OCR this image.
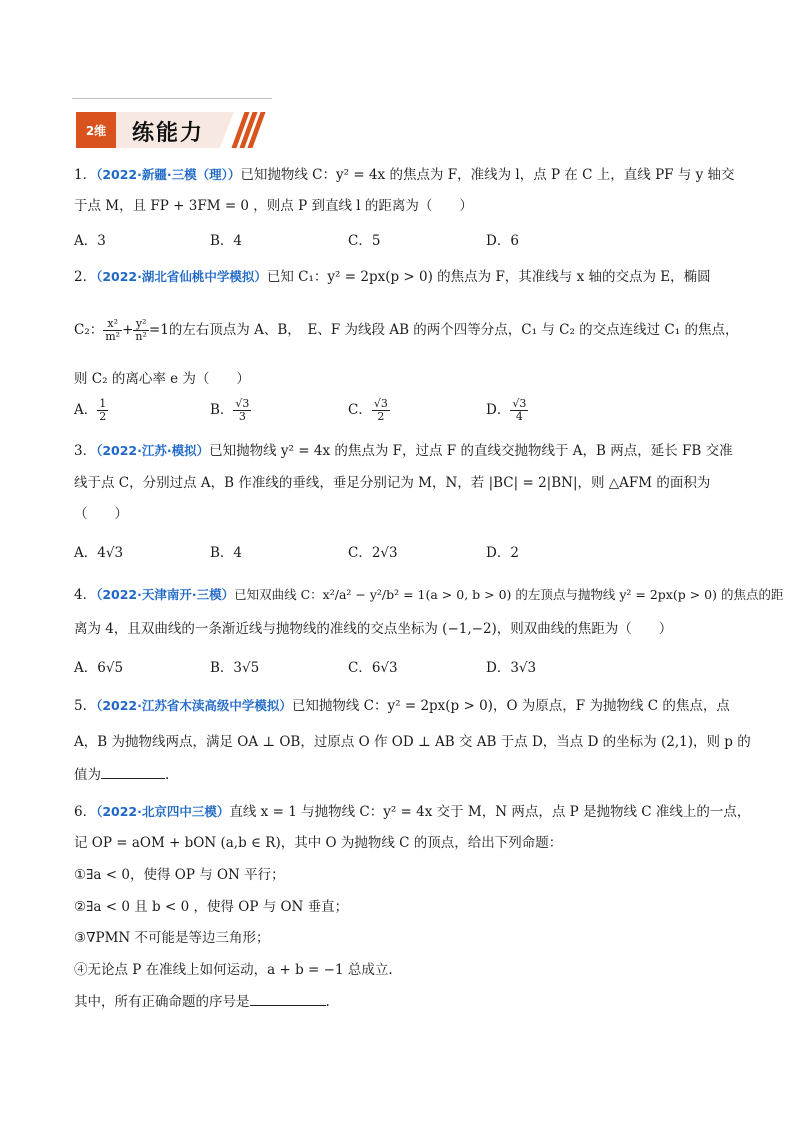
2维	练能力
1．（2022·新疆·三模（理））已知抛物线 C：y² = 4x 的焦点为 F，准线为 l，点 P 在 C 上，直线 PF 与 y 轴交
于点 M，且 FP + 3FM = 0 ，则点 P 到直线 l 的距离为（　　）
A．3	B．4	C．5	D．6
2．（2022·湖北省仙桃中学模拟）已知 C₁：y² = 2px(p > 0) 的焦点为 F，其准线与 x 轴的交点为 E，椭圆
C₂： $\frac{\text{x²}}{\text{m²}} + \frac{\text{y²}}{\text{n²}} =1$的左右顶点为 A、B，　E、F 为线段 AB 的两个四等分点，C₁ 与 C₂ 的交点连线过 C₁ 的焦点，
则 C₂ 的离心率 e 为（　　）
A． $\frac{1}{2}$	B． $\frac{√3}{3}$	C． $\frac{√3}{2}$	D． $\frac{√3}{4}$
3．（2022·江苏·模拟）已知抛物线 y² = 4x 的焦点为 F，过点 F 的直线交抛物线于 A，B 两点，延长 FB 交准
线于点 C，分别过点 A，B 作准线的垂线，垂足分别记为 M，N，若 |BC| = 2|BN|，则 △AFM 的面积为
（　　）
A．4√3	B．4	C．2√3	D．2
4．（2022·天津南开·三模）已知双曲线 C：x²/a² − y²/b² = 1(a > 0, b > 0) 的左顶点与抛物线 y² = 2px(p > 0) 的焦点的距
离为 4，且双曲线的一条渐近线与抛物线的准线的交点坐标为 (−1,−2)，则双曲线的焦距为（　　）
A．6√5	B．3√5	C．6√3	D．3√3
5．（2022·江苏省木渎高级中学模拟）已知抛物线 C：y² = 2px(p > 0)，O 为原点，F 为抛物线 C 的焦点，点
A，B 为抛物线两点，满足 OA ⊥ OB，过原点 O 作 OD ⊥ AB 交 AB 于点 D，当点 D 的坐标为 (2,1)，则 p 的
值为	.
6．（2022·北京四中三模）直线 x = 1 与抛物线 C：y² = 4x 交于 M，N 两点，点 P 是抛物线 C 准线上的一点，
记 OP = aOM + bON (a,b ∈ R)，其中 O 为抛物线 C 的顶点，给出下列命题：
①∃a < 0，使得 OP 与 ON 平行；
②∃a < 0 且 b < 0 ，使得 OP 与 ON 垂直；
③∇PMN 不可能是等边三角形；
④无论点 P 在准线上如何运动，a + b = −1 总成立.
其中，所有正确命题的序号是	.
